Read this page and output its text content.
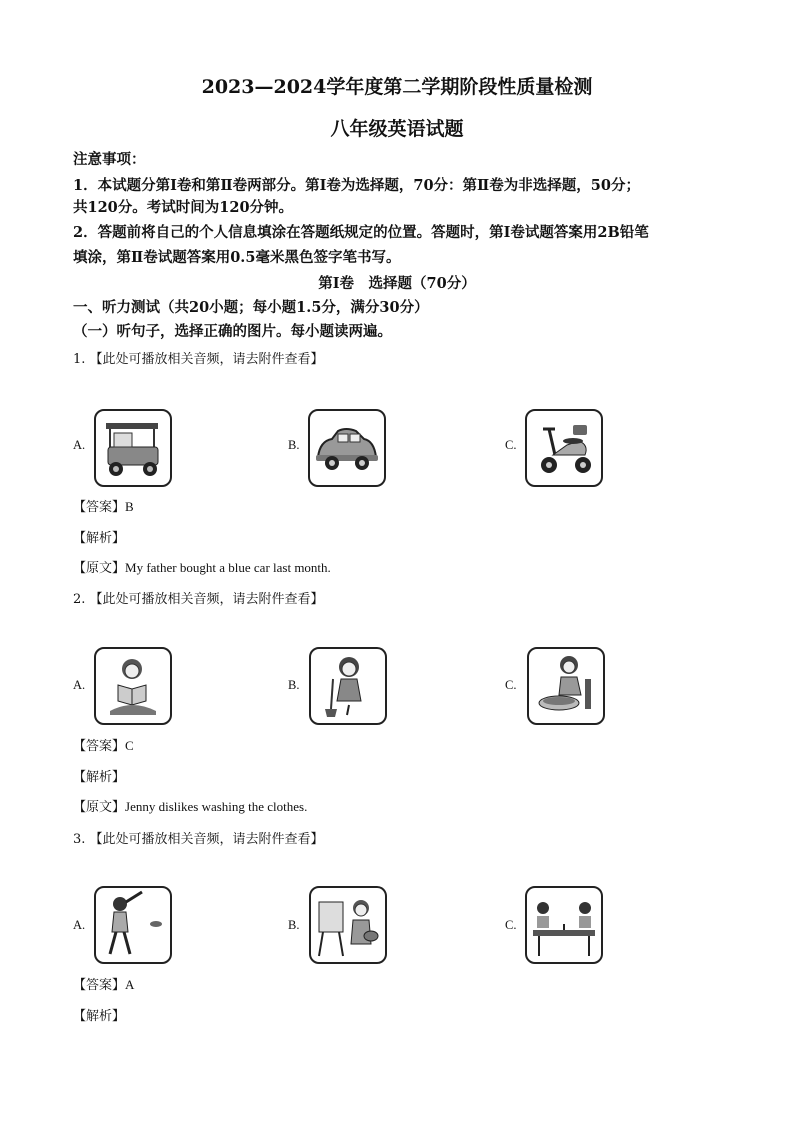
2023—2024学年度第二学期阶段性质量检测
八年级英语试题
注意事项：
1．本试题分第Ⅰ卷和第Ⅱ卷两部分。第Ⅰ卷为选择题，70分：第Ⅱ卷为非选择题，50分；
共120分。考试时间为120分钟。
2．答题前将自己的个人信息填涂在答题纸规定的位置。答题时，第Ⅰ卷试题答案用2B铅笔
填涂，第Ⅱ卷试题答案用0.5毫米黑色签字笔书写。
第Ⅰ卷　选择题（70分）
一、听力测试（共20小题；每小题1.5分，满分30分）
（一）听句子，选择正确的图片。每小题读两遍。
1. 【此处可播放相关音频，请去附件查看】
A.	B.	C.
【答案】B
【解析】
【原文】My father bought a blue car last month.
2. 【此处可播放相关音频，请去附件查看】
A.	B.	C.
【答案】C
【解析】
【原文】Jenny dislikes washing the clothes.
3. 【此处可播放相关音频，请去附件查看】
A.	B.	C.
【答案】A
【解析】
